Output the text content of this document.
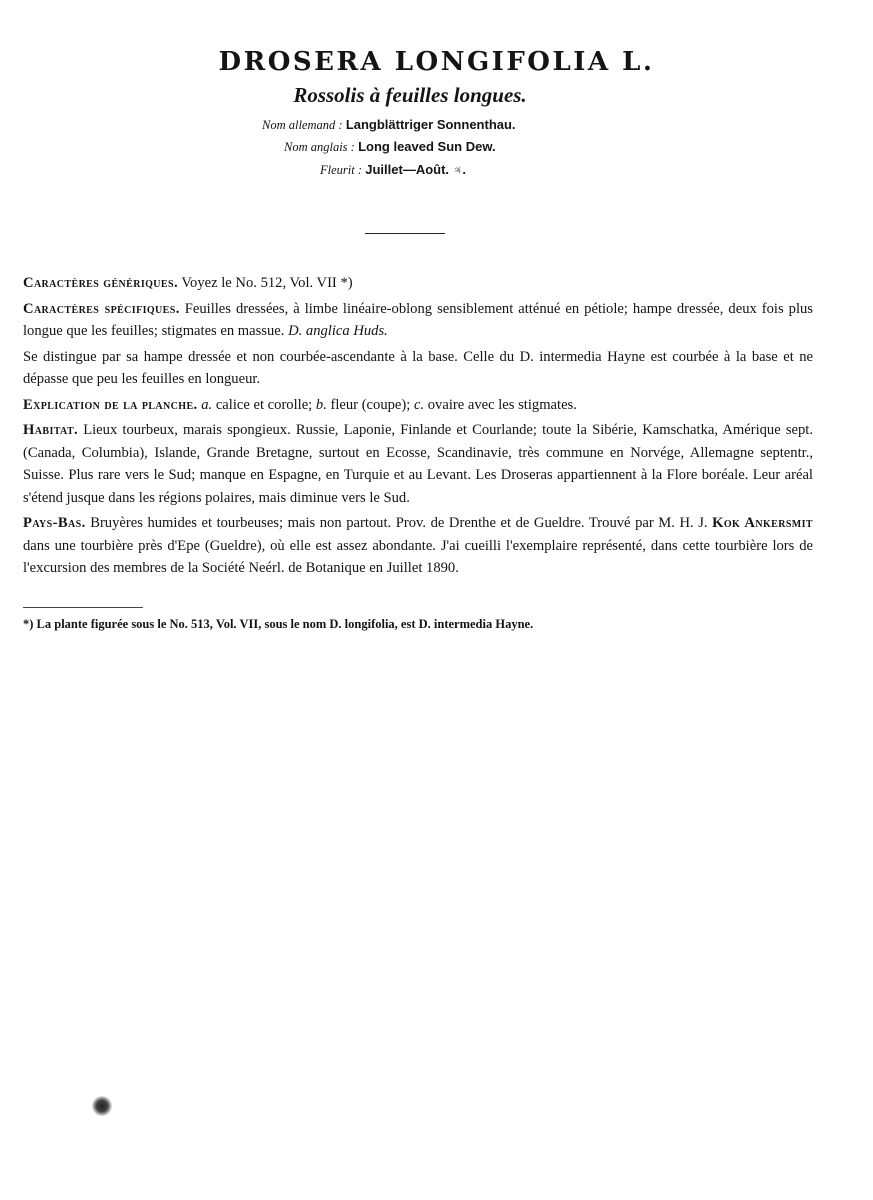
DROSERA LONGIFOLIA L.
Rossolis à feuilles longues.
Nom allemand : Langblättriger Sonnenthau.
Nom anglais : Long leaved Sun Dew.
Fleurit : Juillet—Août. ♃.

Caractères génériques. Voyez le No. 512, Vol. VII *)

Caractères spécifiques. Feuilles dressées, à limbe linéaire-oblong sensiblement atténué en pétiole; hampe dressée, deux fois plus longue que les feuilles; stigmates en massue. D. anglica Huds.

Se distingue par sa hampe dressée et non courbée-ascendante à la base. Celle du D. intermedia Hayne est courbée à la base et ne dépasse que peu les feuilles en longueur.

Explication de la planche. a. calice et corolle; b. fleur (coupe); c. ovaire avec les stigmates.

Habitat. Lieux tourbeux, marais spongieux. Russie, Laponie, Finlande et Courlande; toute la Sibérie, Kamschatka, Amérique sept. (Canada, Columbia), Islande, Grande Bretagne, surtout en Ecosse, Scandinavie, très commune en Norvége, Allemagne septentr., Suisse. Plus rare vers le Sud; manque en Espagne, en Turquie et au Levant. Les Droseras appartiennent à la Flore boréale. Leur aréal s'étend jusque dans les régions polaires, mais diminue vers le Sud.

Pays-Bas. Bruyères humides et tourbeuses; mais non partout. Prov. de Drenthe et de Gueldre. Trouvé par M. H. J. Kok Ankersmit dans une tourbière près d'Epe (Gueldre), où elle est assez abondante. J'ai cueilli l'exemplaire représenté, dans cette tourbière lors de l'excursion des membres de la Société Neérl. de Botanique en Juillet 1890.

*) La plante figurée sous le No. 513, Vol. VII, sous le nom D. longifolia, est D. intermedia Hayne.
